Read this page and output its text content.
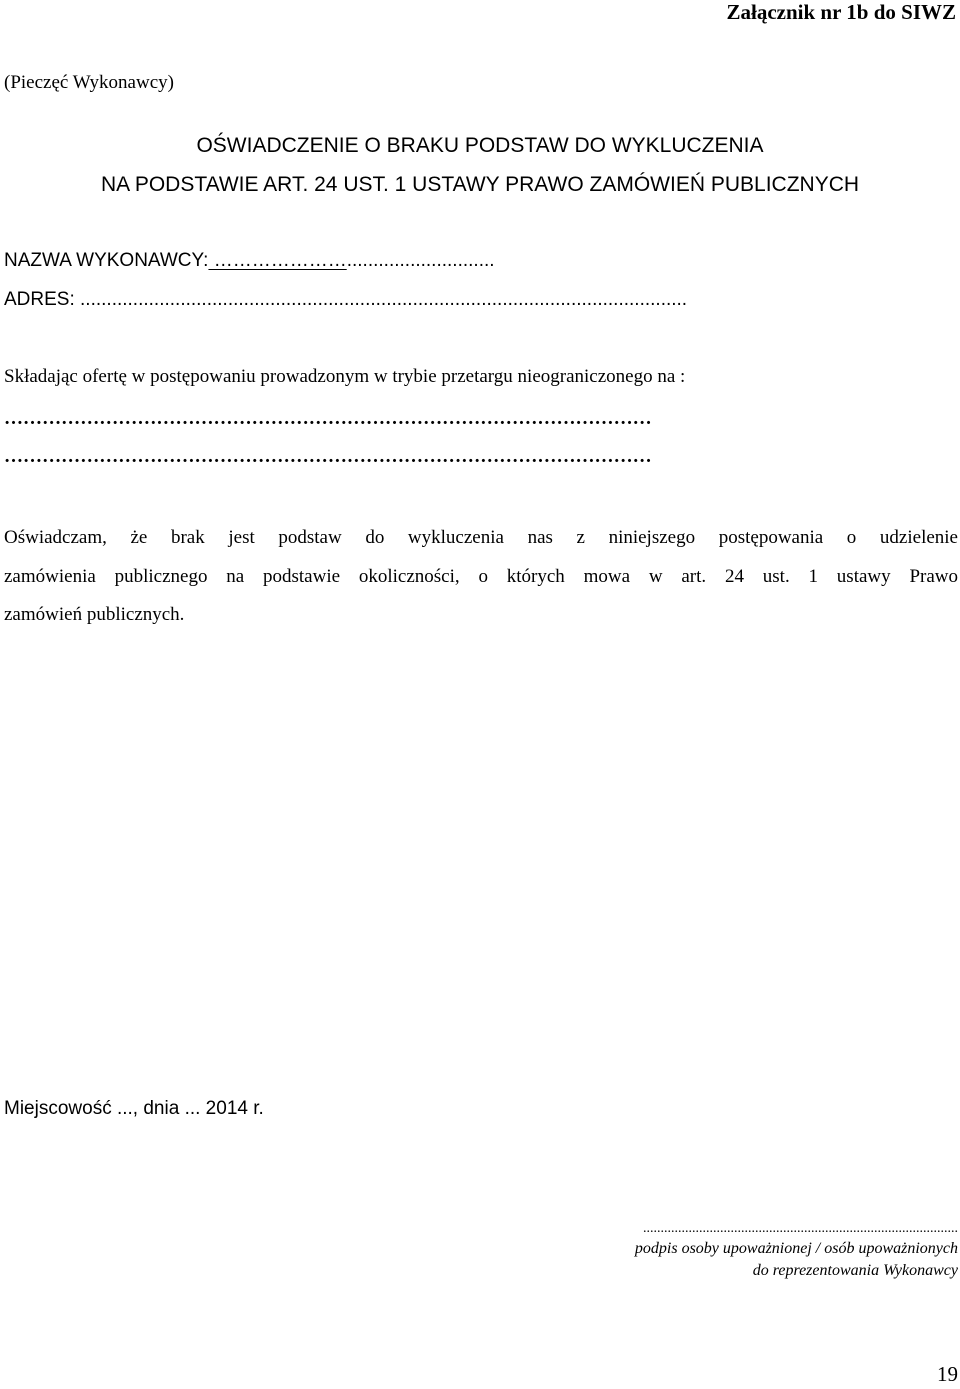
Załącznik nr 1b do SIWZ
(Pieczęć Wykonawcy)
OŚWIADCZENIE O BRAKU PODSTAW DO WYKLUCZENIA
NA PODSTAWIE ART. 24 UST. 1 USTAWY PRAWO ZAMÓWIEŃ PUBLICZNYCH
NAZWA WYKONAWCY: …………………............................
ADRES: ...................................................................................................................
Składając ofertę w postępowaniu prowadzonym w trybie przetargu nieograniczonego na :
…………………………………………………………………………………………
…………………………………………………………………………………………
Oświadczam, że brak jest podstaw do wykluczenia nas z niniejszego postępowania o udzielenie
zamówienia publicznego na podstawie okoliczności, o których mowa w art. 24 ust. 1 ustawy Prawo
zamówień publicznych.
Miejscowość ..., dnia ... 2014 r.
..........................................................................................
podpis osoby upoważnionej / osób upoważnionych
do reprezentowania Wykonawcy
19
